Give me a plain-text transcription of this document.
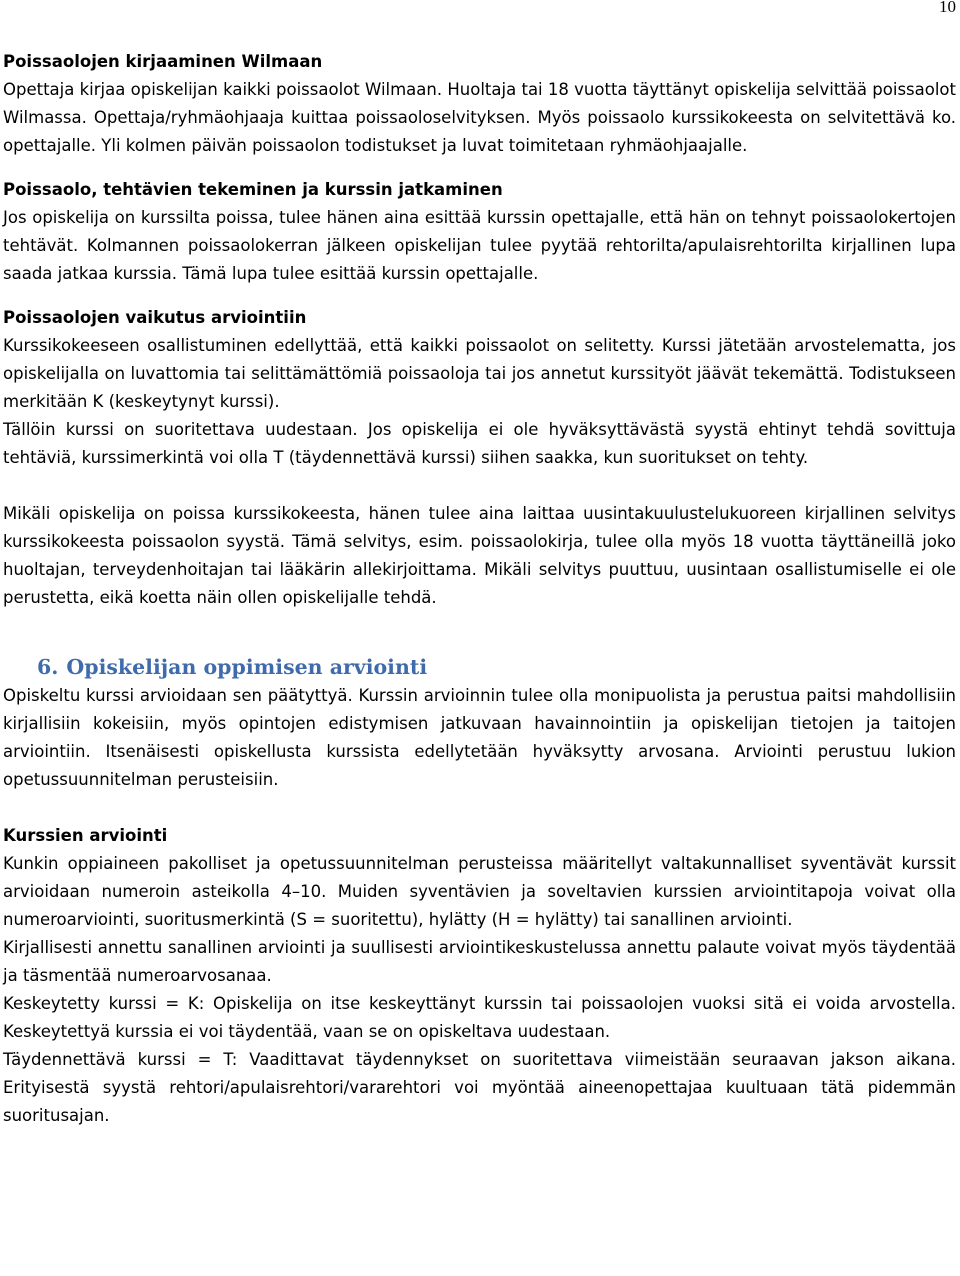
10
Poissaolojen kirjaaminen Wilmaan

Opettaja kirjaa opiskelijan kaikki poissaolot Wilmaan. Huoltaja tai 18 vuotta täyttänyt opiskelija selvittää poissaolot Wilmassa. Opettaja/ryhmäohjaaja kuittaa poissaoloselvityksen. Myös poissaolo kurssikokeesta on selvitettävä ko. opettajalle. Yli kolmen päivän poissaolon todistukset ja luvat toimitetaan ryhmäohjaajalle.

Poissaolo, tehtävien tekeminen ja kurssin jatkaminen

Jos opiskelija on kurssilta poissa, tulee hänen aina esittää kurssin opettajalle, että hän on tehnyt poissaolokertojen tehtävät. Kolmannen poissaolokerran jälkeen opiskelijan tulee pyytää rehtorilta/apulaisrehtorilta kirjallinen lupa saada jatkaa kurssia. Tämä lupa tulee esittää kurssin opettajalle.

Poissaolojen vaikutus arviointiin

Kurssikokeeseen osallistuminen edellyttää, että kaikki poissaolot on selitetty. Kurssi jätetään arvostelematta, jos opiskelijalla on luvattomia tai selittämättömiä poissaoloja tai jos annetut kurssityöt jäävät tekemättä. Todistukseen merkitään K (keskeytynyt kurssi).

Tällöin kurssi on suoritettava uudestaan. Jos opiskelija ei ole hyväksyttävästä syystä ehtinyt tehdä sovittuja tehtäviä, kurssimerkintä voi olla T (täydennettävä kurssi) siihen saakka, kun suoritukset on tehty.

Mikäli opiskelija on poissa kurssikokeesta, hänen tulee aina laittaa uusintakuulustelukuoreen kirjallinen selvitys kurssikokeesta poissaolon syystä. Tämä selvitys, esim. poissaolokirja, tulee olla myös 18 vuotta täyttäneillä joko huoltajan, terveydenhoitajan tai lääkärin allekirjoittama. Mikäli selvitys puuttuu, uusintaan osallistumiselle ei ole perustetta, eikä koetta näin ollen opiskelijalle tehdä.

6. Opiskelijan oppimisen arviointi

Opiskeltu kurssi arvioidaan sen päätyttyä. Kurssin arvioinnin tulee olla monipuolista ja perustua paitsi mahdollisiin kirjallisiin kokeisiin, myös opintojen edistymisen jatkuvaan havainnointiin ja opiskelijan tietojen ja taitojen arviointiin. Itsenäisesti opiskellusta kurssista edellytetään hyväksytty arvosana. Arviointi perustuu lukion opetussuunnitelman perusteisiin.

Kurssien arviointi

Kunkin oppiaineen pakolliset ja opetussuunnitelman perusteissa määritellyt valtakunnalliset syventävät kurssit arvioidaan numeroin asteikolla 4–10. Muiden syventävien ja soveltavien kurssien arviointitapoja voivat olla numeroarviointi, suoritusmerkintä (S = suoritettu), hylätty (H = hylätty) tai sanallinen arviointi.

Kirjallisesti annettu sanallinen arviointi ja suullisesti arviointikeskustelussa annettu palaute voivat myös täydentää ja täsmentää numeroarvosanaa.

Keskeytetty kurssi = K: Opiskelija on itse keskeyttänyt kurssin tai poissaolojen vuoksi sitä ei voida arvostella. Keskeytettyä kurssia ei voi täydentää, vaan se on opiskeltava uudestaan.

Täydennettävä kurssi = T: Vaadittavat täydennykset on suoritettava viimeistään seuraavan jakson aikana. Erityisestä syystä rehtori/apulaisrehtori/vararehtori voi myöntää aineenopettajaa kuultuaan tätä pidemmän suoritusajan.
